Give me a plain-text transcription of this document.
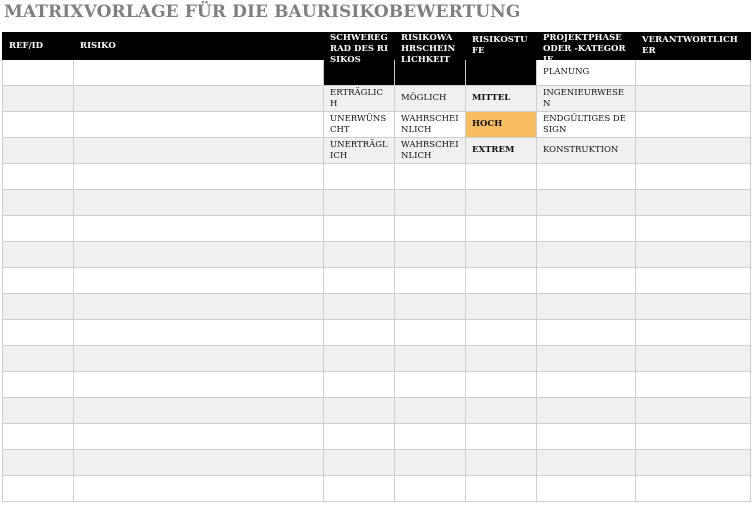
MATRIXVORLAGE FÜR DIE BAURISIKOBEWERTUNG
REF/ID	RISIKO	SCHWEREGRAD DES RISIKOS	RISIKOWAHRSCHEINLICHKEIT	RISIKOSTUFE	PROJEKTPHASE ODER -KATEGORIE	VERANTWORTLICHER

					PLANUNG	

		ERTRÄGLICH	MÖGLICH	MITTEL	INGENIEURWESEN	

		UNERWÜNSCHT	WAHRSCHEINLICH	HOCH	ENDGÜLTIGES DESIGN	

		UNERTRÄGLICH	WAHRSCHEINLICH	EXTREM	KONSTRUKTION	
